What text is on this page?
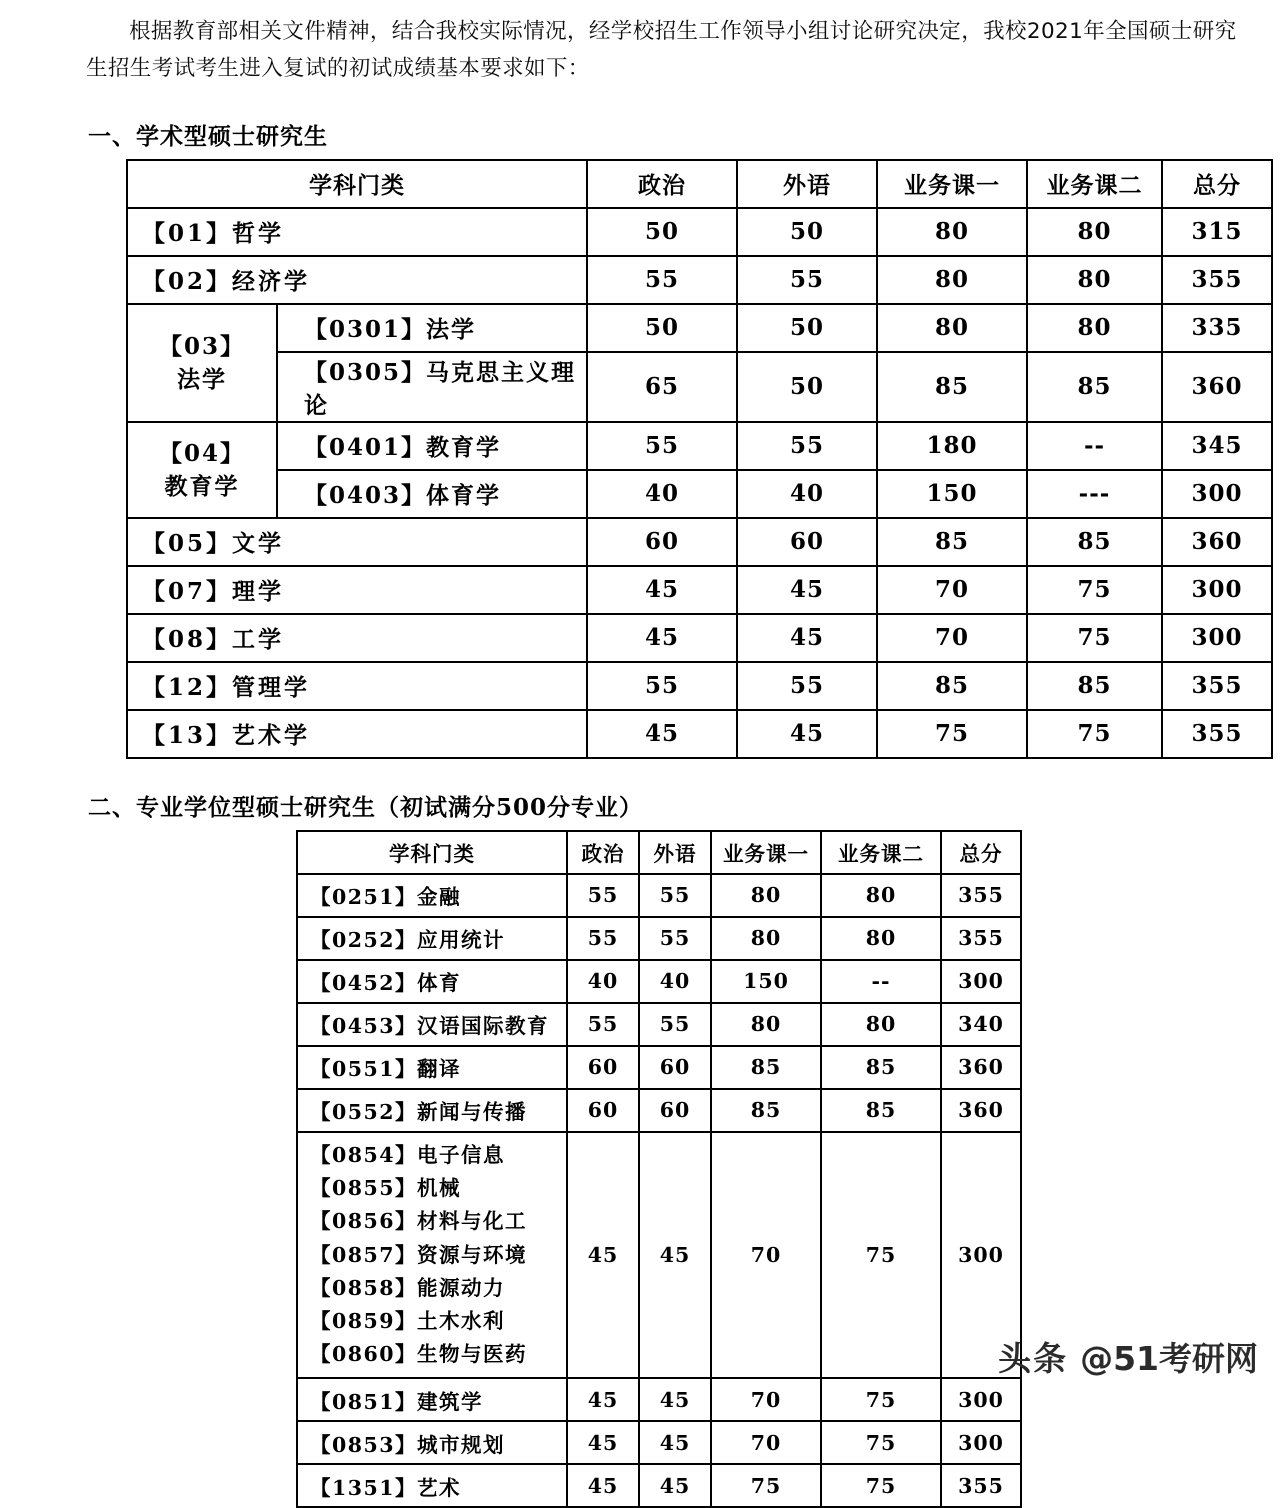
根据教育部相关文件精神，结合我校实际情况，经学校招生工作领导小组讨论研究决定，我校2021年全国硕士研究生招生考试考生进入复试的初试成绩基本要求如下：

一、学术型硕士研究生
学科门类		政治	外语	业务课一	业务课二	总分
【01】哲学		50	50	80	80	315
【02】经济学		55	55	80	80	355
【03】
法学	【0301】法学	50	50	80	80	335
	【0305】马克思主义理论	65	50	85	85	360
【04】
教育学	【0401】教育学	55	55	180	--	345
	【0403】体育学	40	40	150	---	300
【05】文学		60	60	85	85	360
【07】理学		45	45	70	75	300
【08】工学		45	45	70	75	300
【12】管理学		55	55	85	85	355
【13】艺术学		45	45	75	75	355
二、专业学位型硕士研究生（初试满分500分专业）
学科门类	政治	外语	业务课一	业务课二	总分
【0251】金融	55	55	80	80	355
【0252】应用统计	55	55	80	80	355
【0452】体育	40	40	150	--	300
【0453】汉语国际教育	55	55	80	80	340
【0551】翻译	60	60	85	85	360
【0552】新闻与传播	60	60	85	85	360
【0854】电子信息
【0855】机械
【0856】材料与化工
【0857】资源与环境
【0858】能源动力
【0859】土木水利
【0860】生物与医药	45	45	70	75	300
【0851】建筑学	45	45	70	75	300
【0853】城市规划	45	45	70	75	300
【1351】艺术	45	45	75	75	355
头条 @51考研网
